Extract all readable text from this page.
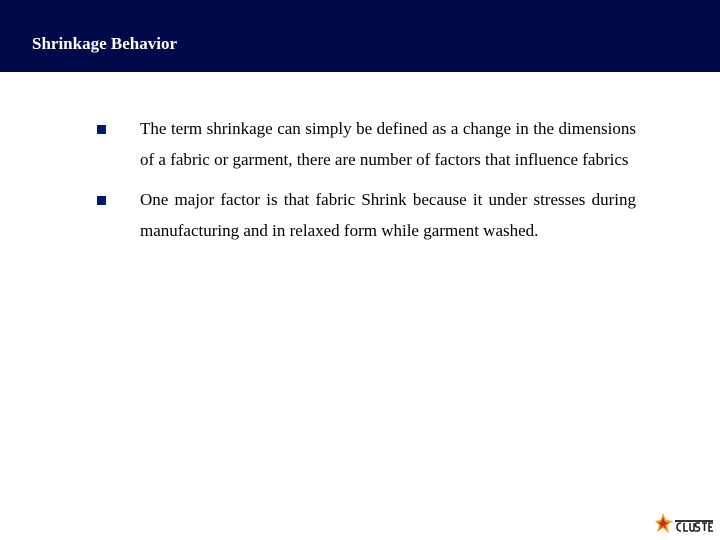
Shrinkage Behavior
The term shrinkage can simply be defined as a change in the dimensions of a fabric or garment, there are number of factors that influence fabrics
One major factor is that fabric Shrink because it under stresses during manufacturing and in relaxed form while garment washed.
